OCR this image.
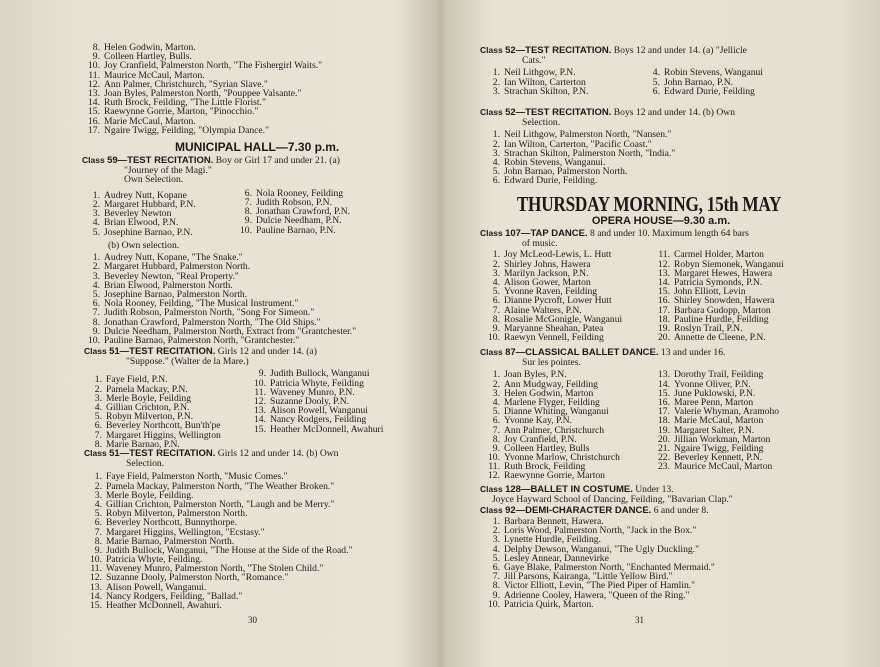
8. Helen Godwin, Marton.
9. Colleen Hartley, Bulls.
10. Joy Cranfield, Palmerston North, "The Fishergirl Waits."
11. Maurice McCaul, Marton.
12. Ann Palmer, Christchurch, "Syrian Slave."
13. Joan Byles, Palmerston North, "Pouppee Valsante."
14. Ruth Brock, Feilding, "The Little Florist."
15. Raewynne Gorrie, Marton, "Pinocchio."
16. Marie McCaul, Marton.
17. Ngaire Twigg, Feilding, "Olympia Dance."
MUNICIPAL HALL—7.30 p.m.
Class 59—TEST RECITATION. Boy or Girl 17 and under 21. (a)
"Journey of the Magi."
Own Selection.
1. Audrey Nutt, Kopane
2. Margaret Hubbard, P.N.
3. Beverley Newton
4. Brian Elwood, P.N.
5. Josephine Barnao, P.N.
6. Nola Rooney, Feilding
7. Judith Robson, P.N.
8. Jonathan Crawford, P.N.
9. Dulcie Needham, P.N.
10. Pauline Barnao, P.N.
(b) Own selection.
1. Audrey Nutt, Kopane, "The Snake."
2. Margaret Hubbard, Palmerston North.
3. Beverley Newton, "Real Property."
4. Brian Elwood, Palmerston North.
5. Josephine Barnao, Palmerston North.
6. Nola Rooney, Feilding, "The Musical Instrument."
7. Judith Robson, Palmerston North, "Song For Simeon."
8. Jonathan Crawford, Palmerston North, "The Old Ships."
9. Dulcie Needham, Palmerston North, Extract from "Grantchester."
10. Pauline Barnao, Palmerston North, "Grantchester."
Class 51—TEST RECITATION. Girls 12 and under 14. (a)
"Suppose." (Walter de la Mare.)
1. Faye Field, P.N.
2. Pamela Mackay, P.N.
3. Merle Boyle, Feilding
4. Gillian Crichton, P.N.
5. Robyn Milverton, P.N.
6. Beverley Northcott, Bun'th'pe
7. Margaret Higgins, Wellington
8. Marie Barnao, P.N.
9. Judith Bullock, Wanganui
10. Patricia Whyte, Feilding
11. Waveney Munro, P.N.
12. Suzanne Dooly, P.N.
13. Alison Powell, Wanganui
14. Nancy Rodgers, Feilding
15. Heather McDonnell, Awahuri
Class 51—TEST RECITATION. Girls 12 and under 14. (b) Own
Selection.
1. Faye Field, Palmerston North, "Music Comes."
2. Pamela Mackay, Palmerston North, "The Weather Broken."
3. Merle Boyle, Feilding.
4. Gillian Crichton, Palmerston North, "Laugh and be Merry."
5. Robyn Milverton, Palmerston North.
6. Beverley Northcott, Bunnythorpe.
7. Margaret Higgins, Wellington, "Ecstasy."
8. Marie Barnao, Palmerston North.
9. Judith Bullock, Wanganui, "The House at the Side of the Road."
10. Patricia Whyte, Feilding.
11. Waveney Munro, Palmerston North, "The Stolen Child."
12. Suzanne Dooly, Palmerston North, "Romance."
13. Alison Powell, Wanganui.
14. Nancy Rodgers, Feilding, "Ballad."
15. Heather McDonnell, Awahuri.
30
Class 52—TEST RECITATION. Boys 12 and under 14. (a) "Jellicle
Cats."
1. Neil Lithgow, P.N.
2. Ian Wilton, Carterton
3. Strachan Skilton, P.N.
4. Robin Stevens, Wanganui
5. John Barnao, P.N.
6. Edward Durie, Feilding
Class 52—TEST RECITATION. Boys 12 and under 14. (b) Own
Selection.
1. Neil Lithgow, Palmerston North, "Nansen."
2. Ian Wilton, Carterton, "Pacific Coast."
3. Strachan Skilton, Palmerston North, "India."
4. Robin Stevens, Wanganui.
5. John Barnao, Palmerston North.
6. Edward Durie, Feilding.
THURSDAY MORNING, 15th MAY
OPERA HOUSE—9.30 a.m.
Class 107—TAP DANCE. 8 and under 10. Maximum length 64 bars
of music.
1. Joy McLeod-Lewis, L. Hutt
2. Shirley Johns, Hawera
3. Marilyn Jackson, P.N.
4. Alison Gower, Marton
5. Yvonne Raven, Feilding
6. Dianne Pycroft, Lower Hutt
7. Alaine Walters, P.N.
8. Rosalie McGonigle, Wanganui
9. Maryanne Sheahan, Patea
10. Raewyn Vennell, Feilding
11. Carmel Holder, Marton
12. Robyn Siemonek, Wanganui
13. Margaret Hewes, Hawera
14. Patricia Symonds, P.N.
15. John Elliott, Levin
16. Shirley Snowden, Hawera
17. Barbara Gudopp, Marton
18. Pauline Hurdle, Feilding
19. Roslyn Trail, P.N.
20. Annette de Cleene, P.N.
Class 87—CLASSICAL BALLET DANCE. 13 and under 16.
Sur les pointes.
1. Joan Byles, P.N.
2. Ann Mudgway, Feilding
3. Helen Godwin, Marton
4. Marlene Flyger, Feilding
5. Dianne Whiting, Wanganui
6. Yvonne Kay, P.N.
7. Ann Palmer, Christchurch
8. Joy Cranfield, P.N.
9. Colleen Hartley, Bulls
10. Yvonne Marlow, Christchurch
11. Ruth Brock, Feilding
12. Raewynne Gorrie, Marton
13. Dorothy Trail, Feilding
14. Yvonne Oliver, P.N.
15. June Puklowski, P.N.
16. Maree Penn, Marton
17. Valerie Whyman, Aramoho
18. Marie McCaul, Marton
19. Margaret Salter, P.N.
20. Jillian Workman, Marton
21. Ngaire Twigg, Feilding
22. Beverley Kennett, P.N.
23. Maurice McCaul, Marton
Class 128—BALLET IN COSTUME. Under 13.
Joyce Hayward School of Dancing, Feilding, "Bavarian Clap."
Class 92—DEMI-CHARACTER DANCE. 6 and under 8.
1. Barbara Bennett, Hawera.
2. Loris Wood, Palmerston North, "Jack in the Box."
3. Lynette Hurdle, Feilding.
4. Delphy Dewson, Wanganui, "The Ugly Duckling."
5. Lesley Annear, Dannevirke
6. Gaye Blake, Palmerston North, "Enchanted Mermaid."
7. Jill Parsons, Kairanga, "Little Yellow Bird."
8. Victor Elliott, Levin, "The Pied Piper of Hamlin."
9. Adrienne Cooley, Hawera, "Queen of the Ring."
10. Patricia Quirk, Marton.
31
